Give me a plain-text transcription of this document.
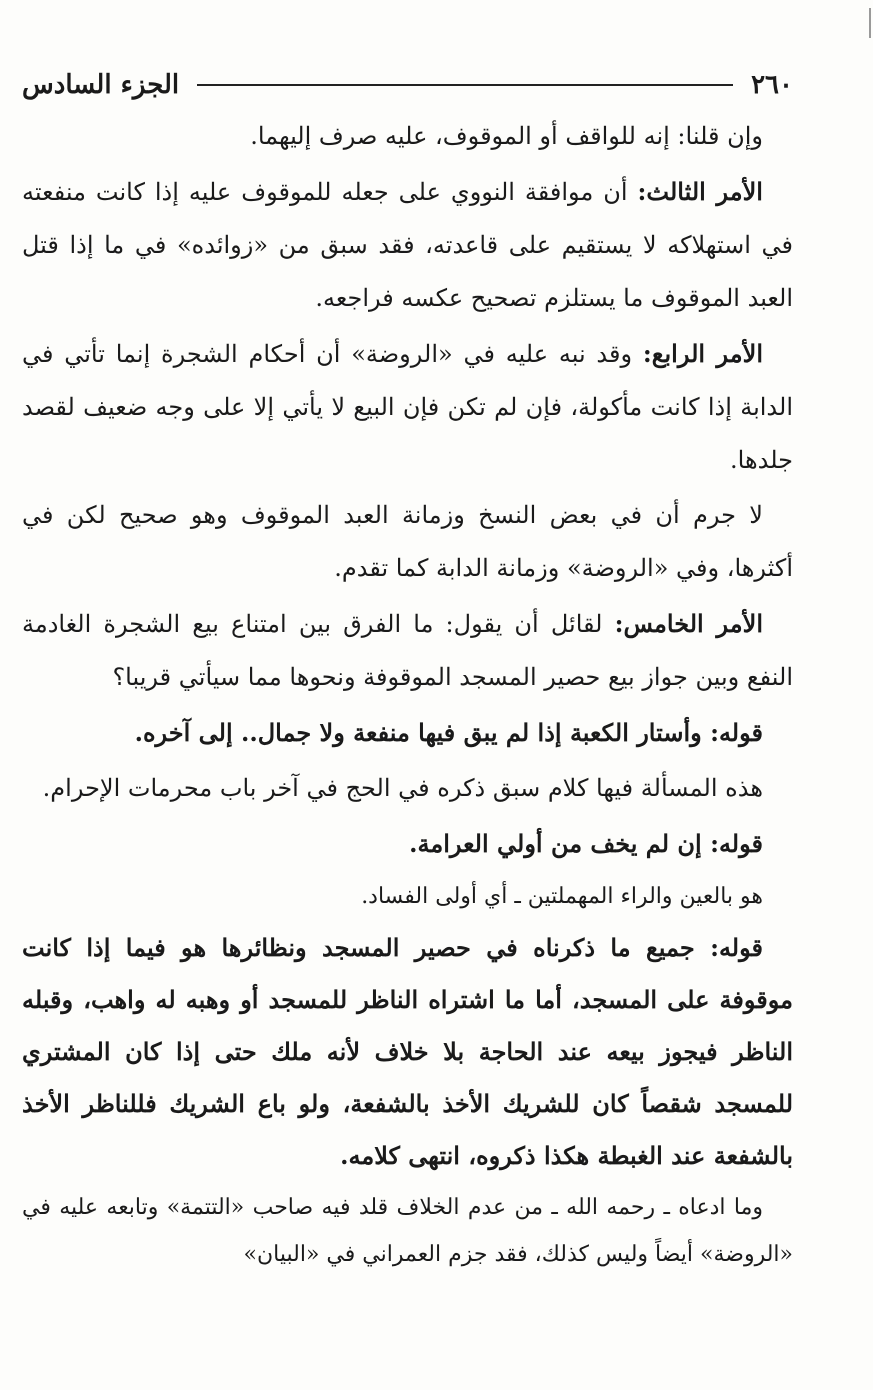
٢٦٠
الجزء السادس

وإن قلنا: إنه للواقف أو الموقوف، عليه صرف إليهما.

الأمر الثالث: أن موافقة النووي على جعله للموقوف عليه إذا كانت منفعته في استهلاكه لا يستقيم على قاعدته، فقد سبق من «زوائده» في ما إذا قتل العبد الموقوف ما يستلزم تصحيح عكسه فراجعه.

الأمر الرابع: وقد نبه عليه في «الروضة» أن أحكام الشجرة إنما تأتي في الدابة إذا كانت مأكولة، فإن لم تكن فإن البيع لا يأتي إلا على وجه ضعيف لقصد جلدها.

لا جرم أن في بعض النسخ وزمانة العبد الموقوف وهو صحيح لكن في أكثرها، وفي «الروضة» وزمانة الدابة كما تقدم.

الأمر الخامس: لقائل أن يقول: ما الفرق بين امتناع بيع الشجرة الغادمة النفع وبين جواز بيع حصير المسجد الموقوفة ونحوها مما سيأتي قريبا؟

قوله: وأستار الكعبة إذا لم يبق فيها منفعة ولا جمال.. إلى آخره.

هذه المسألة فيها كلام سبق ذكره في الحج في آخر باب محرمات الإحرام.

قوله: إن لم يخف من أولي العرامة.

هو بالعين والراء المهملتين ـ أي أولى الفساد.

قوله: جميع ما ذكرناه في حصير المسجد ونظائرها هو فيما إذا كانت موقوفة على المسجد، أما ما اشتراه الناظر للمسجد أو وهبه له واهب، وقبله الناظر فيجوز بيعه عند الحاجة بلا خلاف لأنه ملك حتى إذا كان المشتري للمسجد شقصاً كان للشريك الأخذ بالشفعة، ولو باع الشريك فللناظر الأخذ بالشفعة عند الغبطة هكذا ذكروه، انتهى كلامه.

وما ادعاه ـ رحمه الله ـ من عدم الخلاف قلد فيه صاحب «التتمة» وتابعه عليه في «الروضة» أيضاً وليس كذلك، فقد جزم العمراني في «البيان»
